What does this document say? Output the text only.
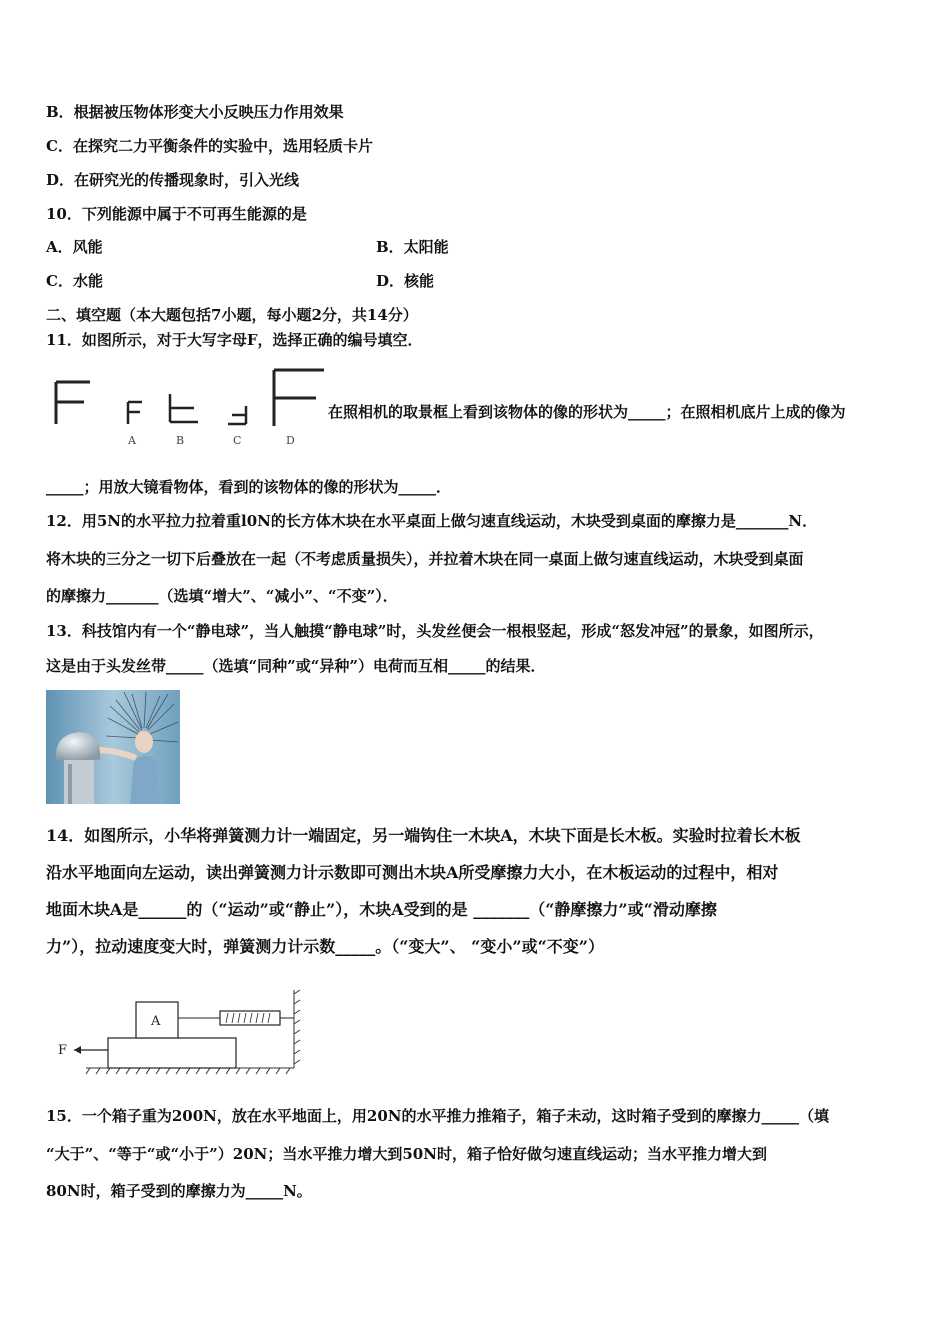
B．根据被压物体形变大小反映压力作用效果
C．在探究二力平衡条件的实验中，选用轻质卡片
D．在研究光的传播现象时，引入光线
10．下列能源中属于不可再生能源的是
A．风能	B．太阳能
C．水能	D．核能
二、填空题（本大题包括7小题，每小题2分，共14分）
11．如图所示，对于大写字母F，选择正确的编号填空．
A	B	C	D
在照相机的取景框上看到该物体的像的形状为_____；在照相机底片上成的像为
_____；用放大镜看物体，看到的该物体的像的形状为_____．
12．用5N的水平拉力拉着重l0N的长方体木块在水平桌面上做匀速直线运动，木块受到桌面的摩擦力是_______N．
将木块的三分之一切下后叠放在一起（不考虑质量损失），并拉着木块在同一桌面上做匀速直线运动，木块受到桌面
的摩擦力_______（选填“增大”、“减小”、“不变”）．
13．科技馆内有一个“静电球”，当人触摸“静电球”时，头发丝便会一根根竖起，形成“怒发冲冠”的景象，如图所示，
这是由于头发丝带_____（选填“同种”或“异种”）电荷而互相_____的结果．
14．如图所示，小华将弹簧测力计一端固定，另一端钩住一木块A，木块下面是长木板。实验时拉着长木板
沿水平地面向左运动，读出弹簧测力计示数即可测出木块A所受摩擦力大小，在木板运动的过程中，相对
地面木块A是______的（“运动”或“静止”），木块A受到的是 _______（“静摩擦力”或“滑动摩擦
力”），拉动速度变大时，弹簧测力计示数_____。（“变大”、 “变小”或“不变”）
A
F
15．一个箱子重为200N，放在水平地面上，用20N的水平推力推箱子，箱子未动，这时箱子受到的摩擦力_____（填
“大于”、“等于“或“小于”）20N；当水平推力增大到50N时，箱子恰好做匀速直线运动；当水平推力增大到
80N时，箱子受到的摩擦力为_____N。
